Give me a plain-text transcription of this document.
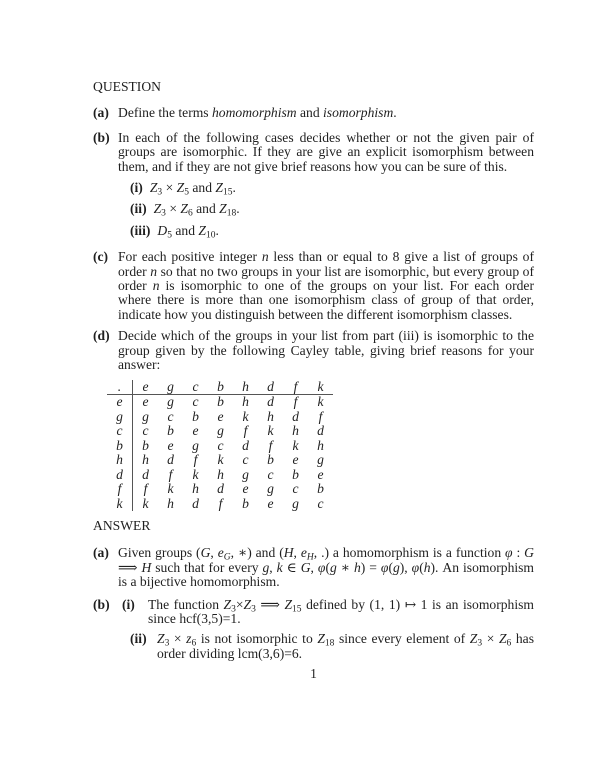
QUESTION
(a) Define the terms homomorphism and isomorphism.
(b) In each of the following cases decides whether or not the given pair of groups are isomorphic. If they are give an explicit isomorphism between them, and if they are not give brief reasons how you can be sure of this.
(i) Z3 × Z5 and Z15.
(ii) Z3 × Z6 and Z18.
(iii) D5 and Z10.
(c) For each positive integer n less than or equal to 8 give a list of groups of order n so that no two groups in your list are isomorphic, but every group of order n is isomorphic to one of the groups on your list. For each order where there is more than one isomorphism class of group of that order, indicate how you distinguish between the different isomorphism classes.
(d) Decide which of the groups in your list from part (iii) is isomorphic to the group given by the following Cayley table, giving brief reasons for your answer:
.	e	g	c	b	h	d	f	k
e	e	g	c	b	h	d	f	k
g	g	c	b	e	k	h	d	f
c	c	b	e	g	f	k	h	d
b	b	e	g	c	d	f	k	h
h	h	d	f	k	c	b	e	g
d	d	f	k	h	g	c	b	e
f	f	k	h	d	e	g	c	b
k	k	h	d	f	b	e	g	c
ANSWER
(a) Given groups (G, eG, ∗) and (H, eH, .) a homomorphism is a function φ : G ⟹ H such that for every g, k ∈ G, φ(g ∗ h) = φ(g), φ(h). An isomorphism is a bijective homomorphism.
(b) (i) The function Z3×Z3 ⟹ Z15 defined by (1, 1) ↦ 1 is an isomorphism since hcf(3,5)=1.
(ii) Z3 × z6 is not isomorphic to Z18 since every element of Z3 × Z6 has order dividing lcm(3,6)=6.
1
